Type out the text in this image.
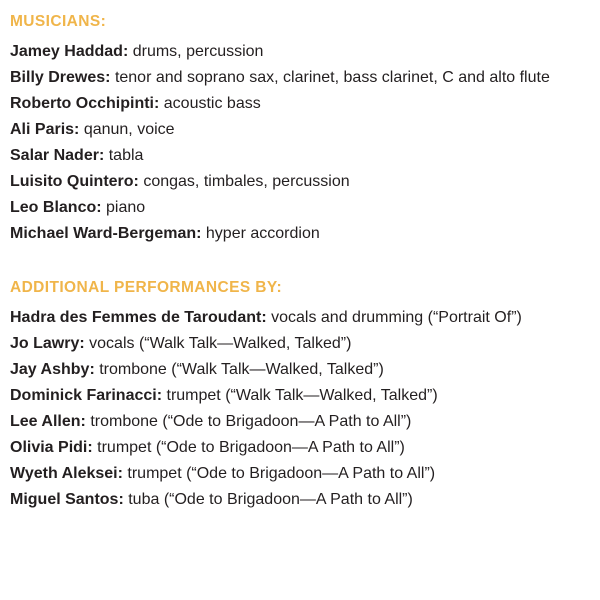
MUSICIANS:

Jamey Haddad: drums, percussion

Billy Drewes: tenor and soprano sax, clarinet, bass clarinet, C and alto flute

Roberto Occhipinti: acoustic bass

Ali Paris: qanun, voice

Salar Nader: tabla

Luisito Quintero: congas, timbales, percussion

Leo Blanco: piano

Michael Ward-Bergeman: hyper accordion

ADDITIONAL PERFORMANCES BY:

Hadra des Femmes de Taroudant: vocals and drumming (“Portrait Of”)

Jo Lawry: vocals (“Walk Talk—Walked, Talked”)

Jay Ashby: trombone (“Walk Talk—Walked, Talked”)

Dominick Farinacci: trumpet (“Walk Talk—Walked, Talked”)

Lee Allen: trombone (“Ode to Brigadoon—A Path to All”)

Olivia Pidi: trumpet (“Ode to Brigadoon—A Path to All”)

Wyeth Aleksei: trumpet (“Ode to Brigadoon—A Path to All”)

Miguel Santos: tuba (“Ode to Brigadoon—A Path to All”)
